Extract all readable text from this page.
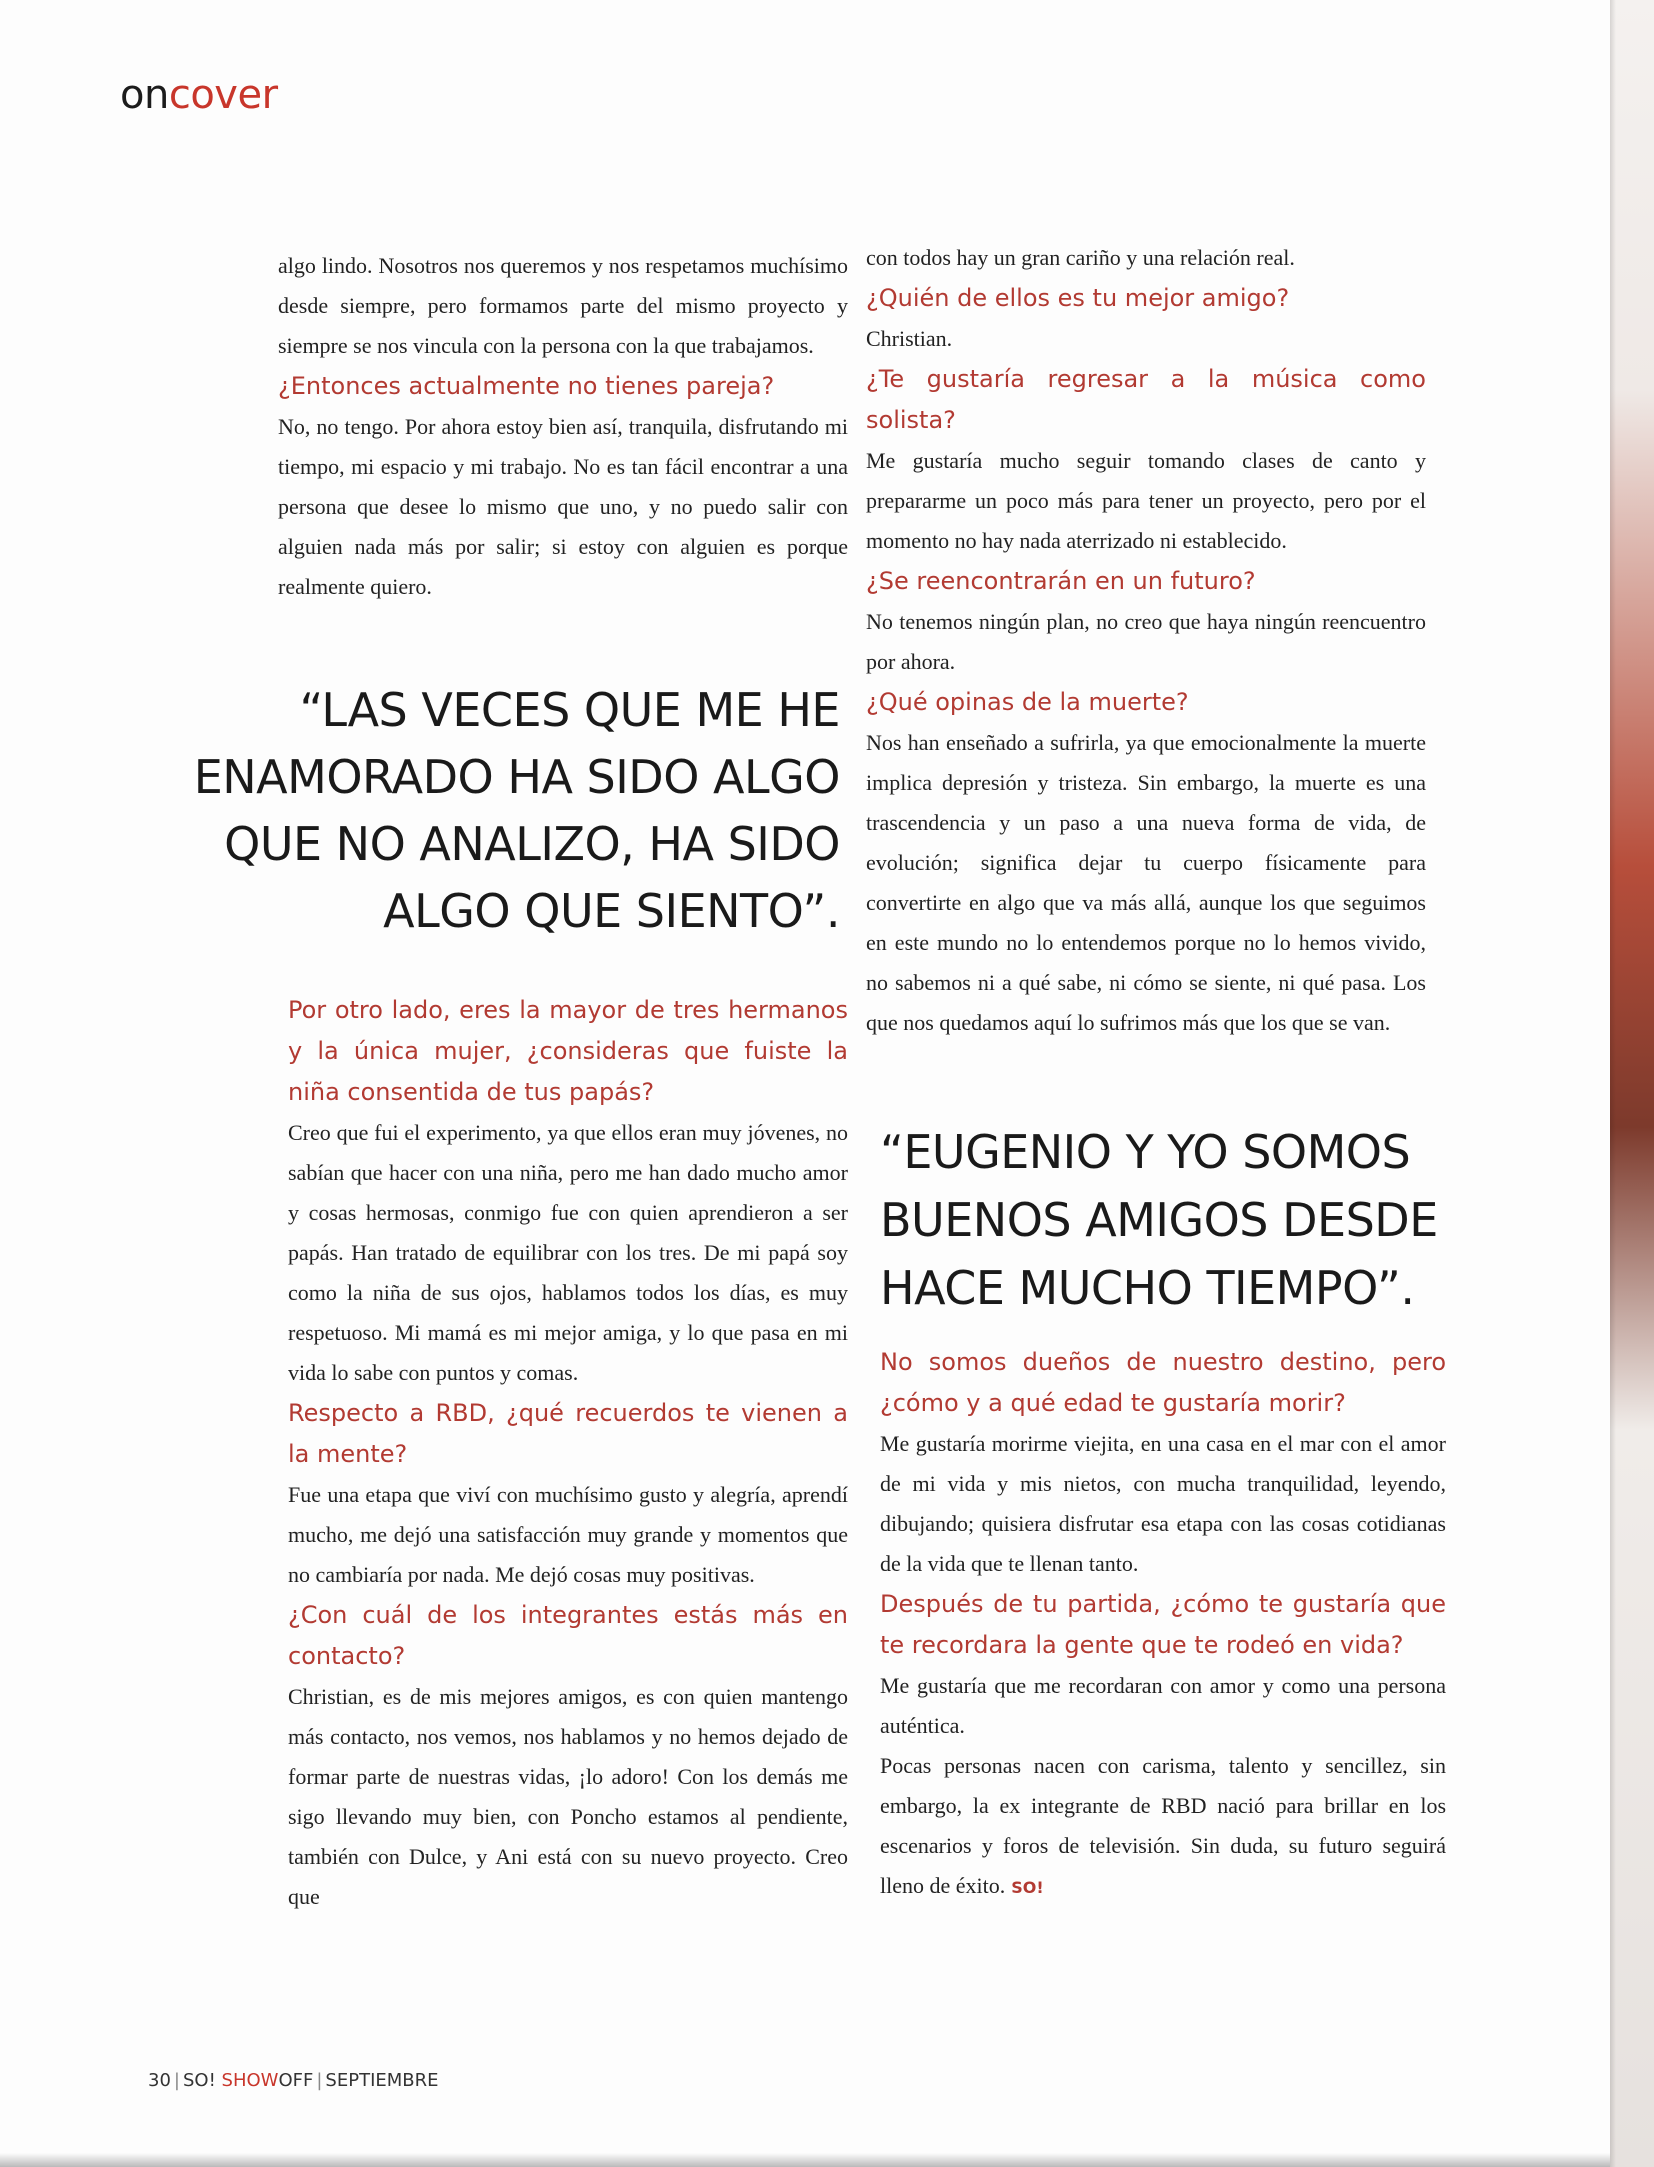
oncover

algo lindo. Nosotros nos queremos y nos respetamos muchísimo desde siempre, pero formamos parte del mismo proyecto y siempre se nos vincula con la persona con la que trabajamos.

¿Entonces actualmente no tienes pareja?

No, no tengo. Por ahora estoy bien así, tranquila, disfrutando mi tiempo, mi espacio y mi trabajo. No es tan fácil encontrar a una persona que desee lo mismo que uno, y no puedo salir con alguien nada más por salir; si estoy con alguien es porque realmente quiero.

“LAS VECES QUE ME HE
ENAMORADO HA SIDO ALGO
QUE NO ANALIZO, HA SIDO
ALGO QUE SIENTO”.

Por otro lado, eres la mayor de tres hermanos y la única mujer, ¿consideras que fuiste la niña consentida de tus papás?

Creo que fui el experimento, ya que ellos eran muy jóvenes, no sabían que hacer con una niña, pero me han dado mucho amor y cosas hermosas, conmigo fue con quien aprendieron a ser papás. Han tratado de equilibrar con los tres. De mi papá soy como la niña de sus ojos, hablamos todos los días, es muy respetuoso. Mi mamá es mi mejor amiga, y lo que pasa en mi vida lo sabe con puntos y comas.

Respecto a RBD, ¿qué recuerdos te vienen a la mente?

Fue una etapa que viví con muchísimo gusto y alegría, aprendí mucho, me dejó una satisfacción muy grande y momentos que no cambiaría por nada. Me dejó cosas muy positivas.

¿Con cuál de los integrantes estás más en contacto?

Christian, es de mis mejores amigos, es con quien mantengo más contacto, nos vemos, nos hablamos y no hemos dejado de formar parte de nuestras vidas, ¡lo adoro! Con los demás me sigo llevando muy bien, con Poncho estamos al pendiente, también con Dulce, y Ani está con su nuevo proyecto. Creo que

con todos hay un gran cariño y una relación real.

¿Quién de ellos es tu mejor amigo?

Christian.

¿Te gustaría regresar a la música como solista?

Me gustaría mucho seguir tomando clases de canto y prepararme un poco más para tener un proyecto, pero por el momento no hay nada aterrizado ni establecido.

¿Se reencontrarán en un futuro?

No tenemos ningún plan, no creo que haya ningún reencuentro por ahora.

¿Qué opinas de la muerte?

Nos han enseñado a sufrirla, ya que emocionalmente la muerte implica depresión y tristeza. Sin embargo, la muerte es una trascendencia y un paso a una nueva forma de vida, de evolución; significa dejar tu cuerpo físicamente para convertirte en algo que va más allá, aunque los que seguimos en este mundo no lo entendemos porque no lo hemos vivido, no sabemos ni a qué sabe, ni cómo se siente, ni qué pasa. Los que nos quedamos aquí lo sufrimos más que los que se van.

“EUGENIO Y YO SOMOS
BUENOS AMIGOS DESDE
HACE MUCHO TIEMPO”.

No somos dueños de nuestro destino, pero ¿cómo y a qué edad te gustaría morir?

Me gustaría morirme viejita, en una casa en el mar con el amor de mi vida y mis nietos, con mucha tranquilidad, leyendo, dibujando; quisiera disfrutar esa etapa con las cosas cotidianas de la vida que te llenan tanto.

Después de tu partida, ¿cómo te gustaría que te recordara la gente que te rodeó en vida?

Me gustaría que me recordaran con amor y como una persona auténtica.

Pocas personas nacen con carisma, talento y sencillez, sin embargo, la ex integrante de RBD nació para brillar en los escenarios y foros de televisión. Sin duda, su futuro seguirá lleno de éxito. SO!

30 | SO! SHOWOFF | SEPTIEMBRE
